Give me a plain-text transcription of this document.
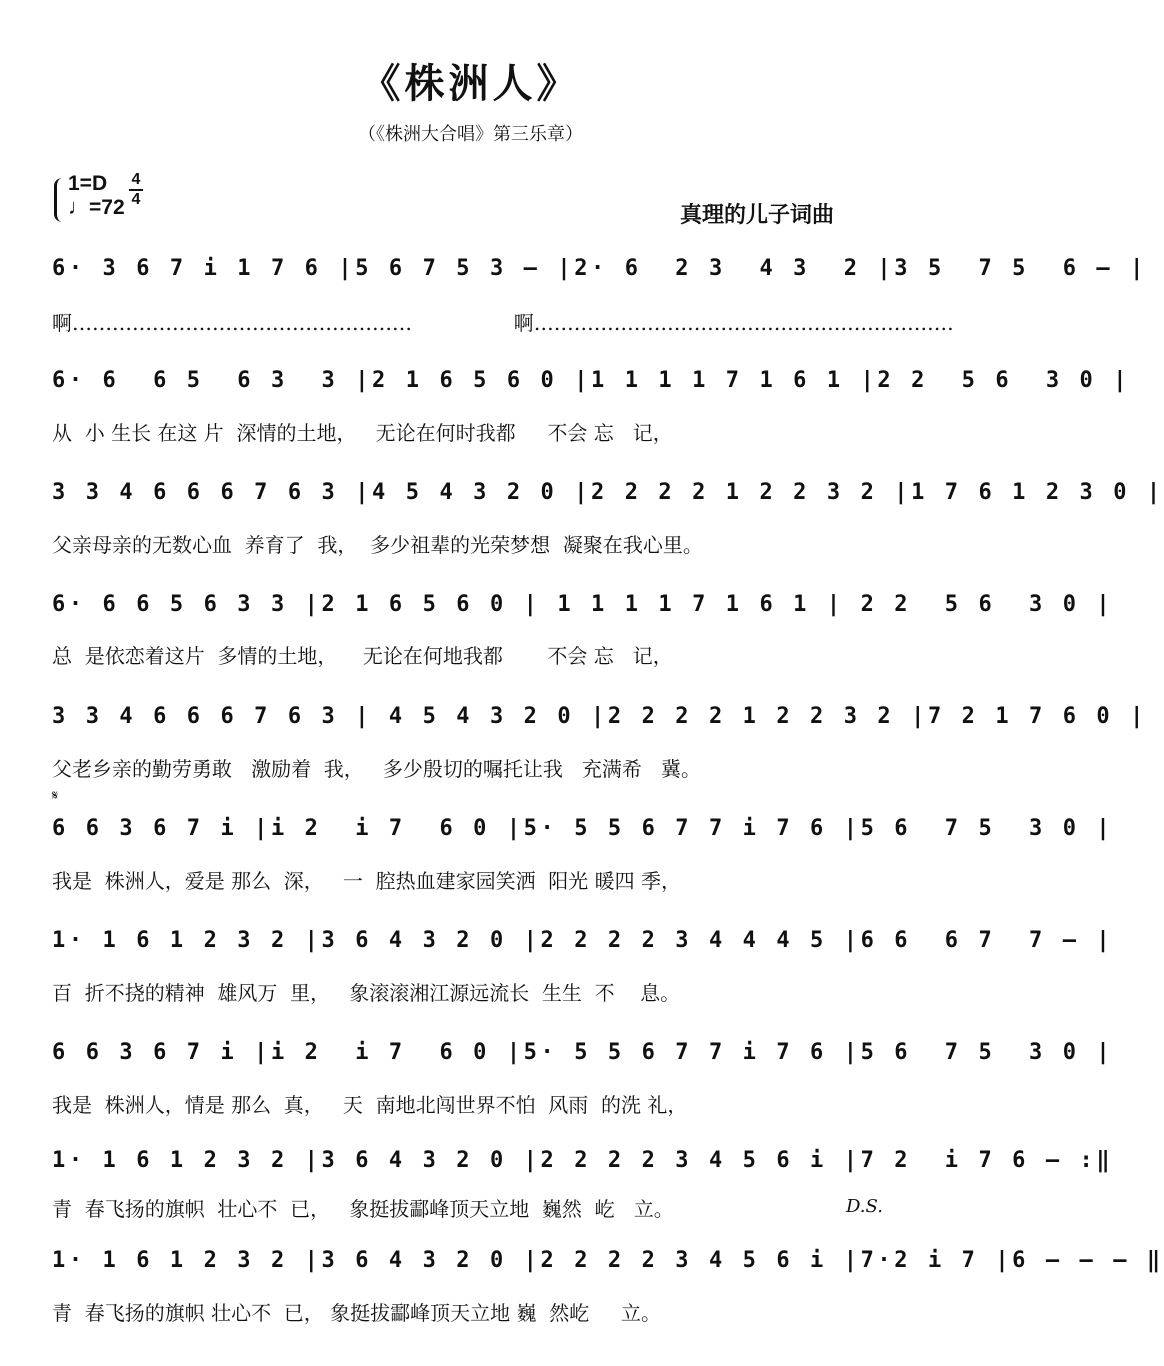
《株洲人》
（《株洲大合唱》第三乐章）
1=D
♩=72
4
4
真理的儿子词曲
6· 3 6 7 i 1 7 6 |5 6 7 5 3 – |2· 6  2 3  4 3  2 |3 5  7 5  6 – |
啊……………………………………………                啊………………………………………………………
6· 6  6 5  6 3  3 |2 1 6 5 6 0 |1 1 1 1 7 1 6 1 |2 2  5 6  3 0 |
从  小 生长 在这 片  深情的土地，   无论在何时我都     不会 忘   记，
3 3 4 6 6 6 7 6 3 |4 5 4 3 2 0 |2 2 2 2 1 2 2 3 2 |1 7 6 1 2 3 0 |
父亲母亲的无数心血  养育了  我，  多少祖辈的光荣梦想  凝聚在我心里。
6· 6 6 5 6 3 3 |2 1 6 5 6 0 | 1 1 1 1 7 1 6 1 | 2 2  5 6  3 0 |
总  是依恋着这片  多情的土地，    无论在何地我都       不会 忘   记，
3 3 4 6 6 6 7 6 3 | 4 5 4 3 2 0 |2 2 2 2 1 2 2 3 2 |7 2 1 7 6 0 |
父老乡亲的勤劳勇敢   激励着  我，   多少殷切的嘱托让我   充满希   冀。
𝄋
6 6 3 6 7 i |i 2  i 7  6 0 |5· 5 5 6 7 7 i 7 6 |5 6  7 5  3 0 |
我是  株洲人，爱是 那么  深，   一  腔热血建家园笑洒  阳光 暖四 季，
1· 1 6 1 2 3 2 |3 6 4 3 2 0 |2 2 2 2 3 4 4 4 5 |6 6  6 7  7 – |
百  折不挠的精神  雄风万  里，   象滚滚湘江源远流长  生生  不    息。
6 6 3 6 7 i |i 2  i 7  6 0 |5· 5 5 6 7 7 i 7 6 |5 6  7 5  3 0 |
我是  株洲人，情是 那么  真，   天  南地北闯世界不怕  风雨  的洗 礼，
1· 1 6 1 2 3 2 |3 6 4 3 2 0 |2 2 2 2 3 4 5 6 i |7 2  i 7 6 – :‖
青  春飞扬的旗帜  壮心不  已，   象挺拔酃峰顶天立地  巍然  屹   立。	D.S.
1· 1 6 1 2 3 2 |3 6 4 3 2 0 |2 2 2 2 3 4 5 6 i |7·2 i 7 |6 – – – ‖
青  春飞扬的旗帜 壮心不  已， 象挺拔酃峰顶天立地 巍  然屹     立。
